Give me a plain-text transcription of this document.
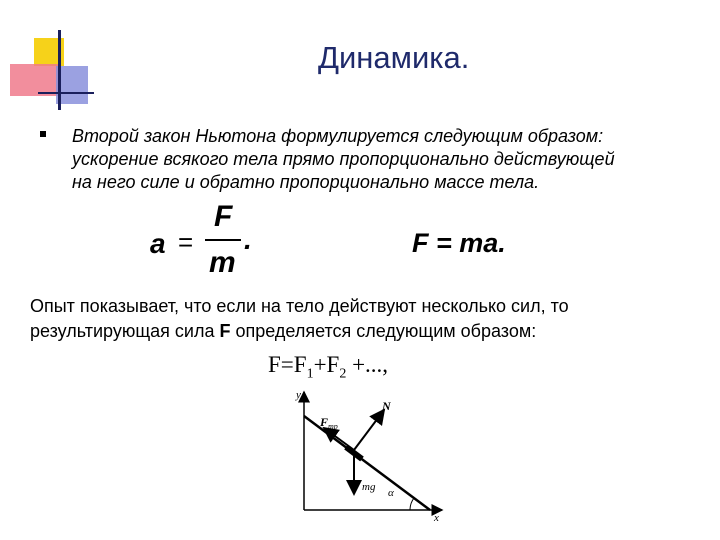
Динамика.
Второй закон Ньютона формулируется следующим образом:
ускорение всякого тела прямо пропорционально действующей
на него силе и обратно пропорционально массе тела.
a =
F
m
.	F = ma.
Опыт показывает, что если на тело действуют несколько сил, то
результирующая сила F определяется следующим образом:
$F=F_1+F_2$ +...,
y
x
$F_{тр}$
N
mg α
